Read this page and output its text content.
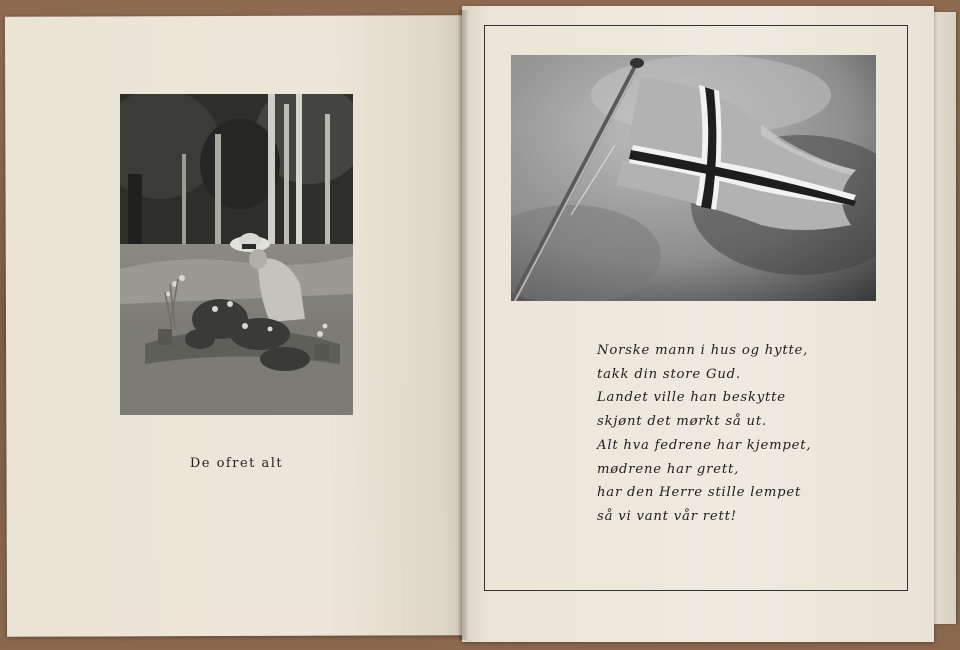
De ofret alt
Norske mann i hus og hytte,
takk din store Gud.
Landet ville han beskytte
skjønt det mørkt så ut.
Alt hva fedrene har kjempet,
mødrene har grett,
har den Herre stille lempet
så vi vant vår rett!
